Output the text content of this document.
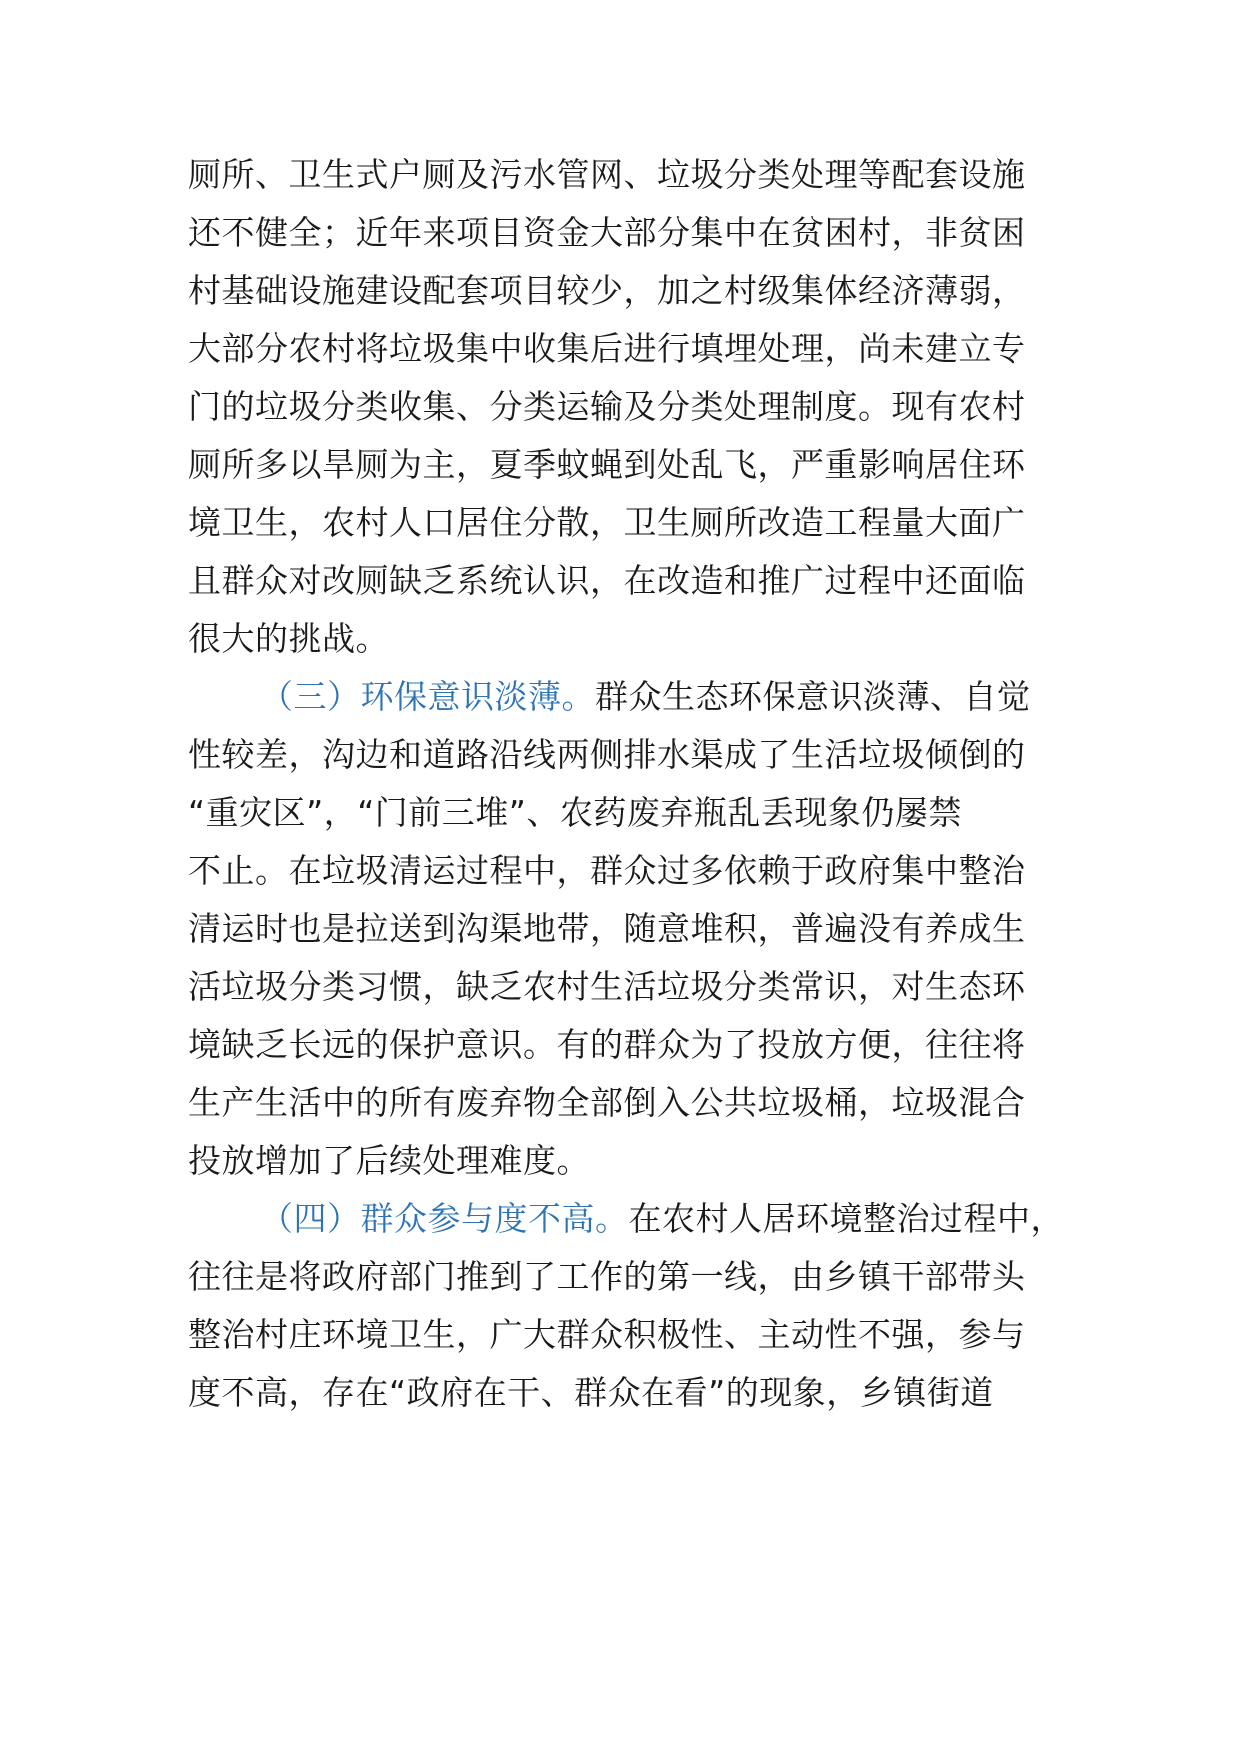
厕所、卫生式户厕及污水管网、垃圾分类处理等配套设施
还不健全；近年来项目资金大部分集中在贫困村，非贫困
村基础设施建设配套项目较少，加之村级集体经济薄弱，
大部分农村将垃圾集中收集后进行填埋处理，尚未建立专
门的垃圾分类收集、分类运输及分类处理制度。现有农村
厕所多以旱厕为主，夏季蚊蝇到处乱飞，严重影响居住环
境卫生，农村人口居住分散，卫生厕所改造工程量大面广
且群众对改厕缺乏系统认识，在改造和推广过程中还面临
很大的挑战。
（三）环保意识淡薄。群众生态环保意识淡薄、自觉
性较差，沟边和道路沿线两侧排水渠成了生活垃圾倾倒的
“重灾区”，“门前三堆”、农药废弃瓶乱丢现象仍屡禁
不止。在垃圾清运过程中，群众过多依赖于政府集中整治
清运时也是拉送到沟渠地带，随意堆积，普遍没有养成生
活垃圾分类习惯，缺乏农村生活垃圾分类常识，对生态环
境缺乏长远的保护意识。有的群众为了投放方便，往往将
生产生活中的所有废弃物全部倒入公共垃圾桶，垃圾混合
投放增加了后续处理难度。
（四）群众参与度不高。在农村人居环境整治过程中，
往往是将政府部门推到了工作的第一线，由乡镇干部带头
整治村庄环境卫生，广大群众积极性、主动性不强，参与
度不高，存在“政府在干、群众在看”的现象，乡镇街道
